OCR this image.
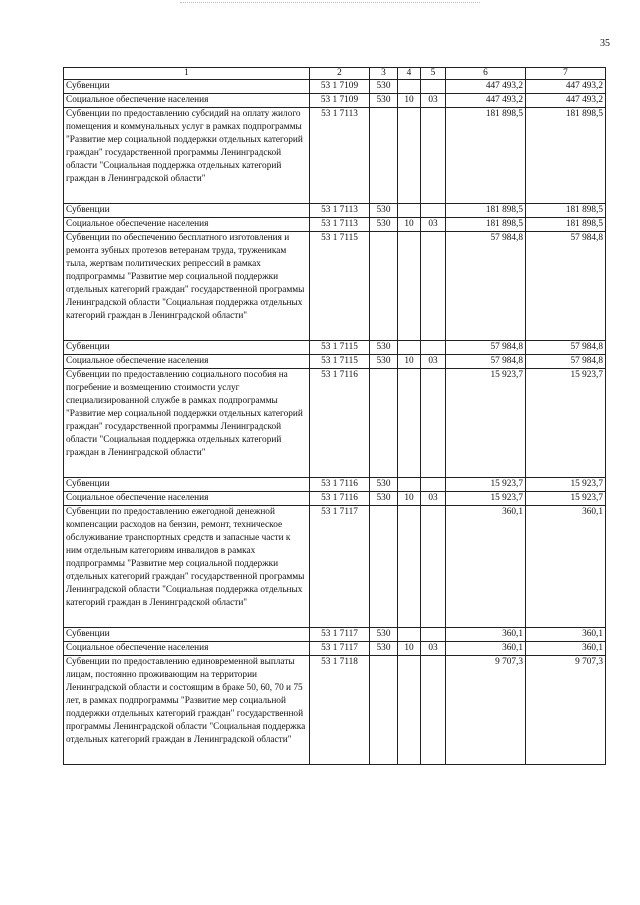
35
1	2	3	4	5	6	7
Субвенции	53 1 7109	530			447 493,2	447 493,2
Социальное обеспечение населения	53 1 7109	530	10	03	447 493,2	447 493,2
Субвенции по предоставлению субсидий на оплату жилого помещения и коммунальных услуг в рамках подпрограммы "Развитие мер социальной поддержки отдельных категорий граждан" государственной программы Ленинградской области "Социальная поддержка отдельных категорий граждан в Ленинградской области"	53 1 7113				181 898,5	181 898,5
Субвенции	53 1 7113	530			181 898,5	181 898,5
Социальное обеспечение населения	53 1 7113	530	10	03	181 898,5	181 898,5
Субвенции по обеспечению бесплатного изготовления и ремонта зубных протезов ветеранам труда, труженикам тыла, жертвам политических репрессий в рамках подпрограммы "Развитие мер социальной поддержки отдельных категорий граждан" государственной программы Ленинградской области "Социальная поддержка отдельных категорий граждан в Ленинградской области"	53 1 7115				57 984,8	57 984,8
Субвенции	53 1 7115	530			57 984,8	57 984,8
Социальное обеспечение населения	53 1 7115	530	10	03	57 984,8	57 984,8
Субвенции по предоставлению социального пособия на погребение и возмещению стоимости услуг специализированной службе в рамках подпрограммы "Развитие мер социальной поддержки отдельных категорий граждан" государственной программы Ленинградской области "Социальная поддержка отдельных категорий граждан в Ленинградской области"	53 1 7116				15 923,7	15 923,7
Субвенции	53 1 7116	530			15 923,7	15 923,7
Социальное обеспечение населения	53 1 7116	530	10	03	15 923,7	15 923,7
Субвенции по предоставлению ежегодной денежной компенсации расходов на бензин, ремонт, техническое обслуживание транспортных средств и запасные части к ним отдельным категориям инвалидов в рамках подпрограммы "Развитие мер социальной поддержки отдельных категорий граждан" государственной программы Ленинградской области "Социальная поддержка отдельных категорий граждан в Ленинградской области"	53 1 7117				360,1	360,1
Субвенции	53 1 7117	530			360,1	360,1
Социальное обеспечение населения	53 1 7117	530	10	03	360,1	360,1
Субвенции по предоставлению единовременной выплаты лицам, постоянно проживающим на территории Ленинградской области и состоящим в браке 50, 60, 70 и 75 лет, в рамках подпрограммы "Развитие мер социальной поддержки отдельных категорий граждан" государственной программы Ленинградской области "Социальная поддержка отдельных категорий граждан в Ленинградской области"	53 1 7118				9 707,3	9 707,3
